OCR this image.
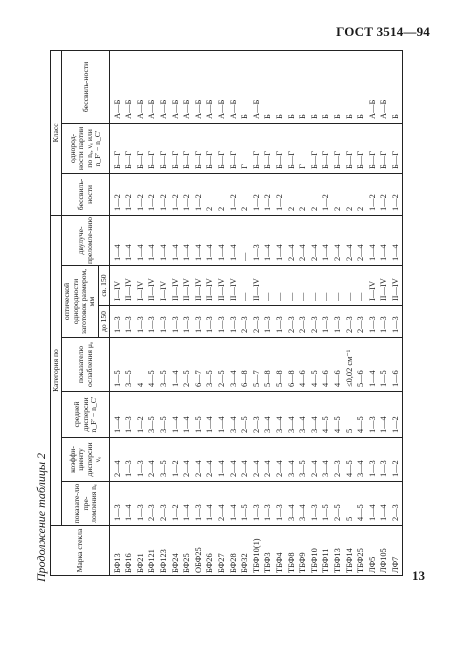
ГОСТ 3514—94
Продолжение таблицы 2	Марка стекла	Категория по							Класс		
	показате-лю пре-ломления nₑ	коэффи-циенту дисперсии νₑ	средней дисперсии n_F′ − n_C′	показателю ослабления μₐ	оптической однородности заготовок размером, мм		двулуче-преломле-нию	бессвиль-ности	однород-ности партии по nₑ, νₑ или n_F′ − n_C′	бессвиль-ности
					до 150	св. 150				
БФ13	1—3	2—4	1—4	1—5	1—3	I—IV	1—4	1—2	Б—Г	А—Б
БФ16	1—4	1—3	1—3	3—5	1—3	II—IV	1—4	1—2	Б—Г	А—Б
БФ21	1—3	1—3	1—2	4	1—3	I—IV	1—4	1—2	Б—Г	А—Б
БФ121	2—3	2—4	3—5	4—5	1—3	II—IV	1—4	1—2	Б—Г	А—Б
БФ123	2—3	3—5	3—5	3—5	1—3	I—IV	1—4	1—2	Б—Г	А—Б
БФ24	1—2	1—2	1—4	1—4	1—3	II—IV	1—4	1—2	Б—Г	А—Б
БФ25	1—4	2—4	1—4	2—5	1—3	II—IV	1—4	1—2	Б—Г	А—Б
ОБФ25	1—3	2—4	1—5	6—7	1—3	II—IV	1—4	1—2	Б—Г	А—Б
БФ26	1—4	2—4	1—4	3—5	1—3	II—IV	1—4	2	Б—Г	А—Б
БФ27	2—4	1—4	1—4	2—5	1—3	II—IV	1—4	2	Б—Г	А—Б
БФ28	1—4	2—4	3—4	3—4	1—3	II—IV	1—4	1—2	Б—Г	А—Б
БФ32	1—5	2—4	2—5	6—8	2—3	—	—	2	Г	Б
ТБФ10(1)	1—3	2—4	2—3	5—7	2—3	II—IV	1—3	1—2	Б—Г	А—Б
ТБФ3	1—3	2—4	3—4	5—8	1—3	—	1—4	1—2	Б—Г	Б
ТБФ4	1—3	2—4	3—4	5—8	1—3	—	1—4	1—2	Б—Г	Б
ТБФ8	3—4	3—4	3—4	6—8	2—3	—	2—4	2	Б—Г	Б
ТБФ9	3—4	3—5	3—4	4—6	2—3	—	2—4	2	Г	Б
ТБФ10	1—3	2—4	3—4	4—5	2—3	—	2—4	2	Б—Г	Б
ТБФ11	1—5	3—4	4—5	4—6	1—3	—	1—4	1—2	Б—Г	Б
ТБФ13	2—5	2—3	4—5	4—6	1—3	—	2—4	2	Б—Г	Б
ТБФ14	5	4—5	5	≤0,02 см⁻¹	2—3	—	2—4	2	Б—Г	Б
ТБФ25	4—5	3—4	4—5	5—6	2—3	—	2—4	2	Б—Г	Б
ЛФ5	1—4	1—3	1—3	1—4	1—3	I—IV	1—4	1—2	Б—Г	А—Б
ЛФ105	1—4	1—3	1—4	1—5	1—3	II—IV	1—4	1—2	Б—Г	А—Б
ЛФ7	2—3	1—2	1—2	1—6	1—3	II—IV	1—4	1—2	Б—Г	Б
13
